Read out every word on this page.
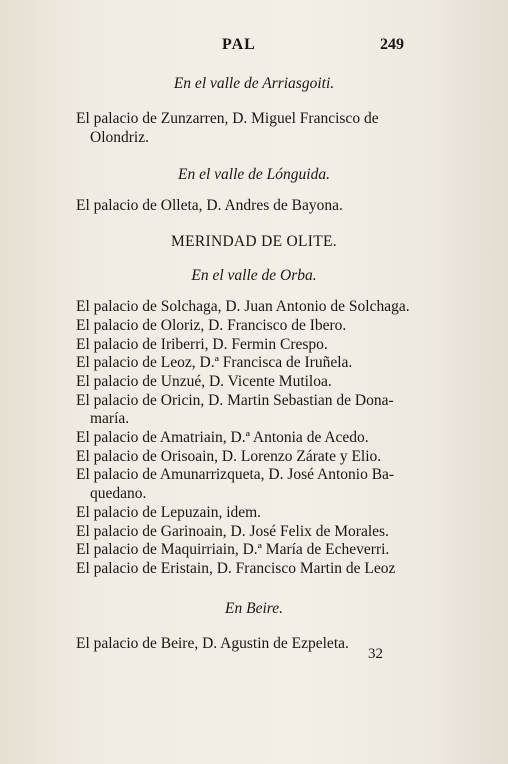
PAL	249

En el valle de Arriasgoiti.

El palacio de Zunzarren, D. Miguel Francisco de
Olondriz.

En el valle de Lónguida.

El palacio de Olleta, D. Andres de Bayona.

MERINDAD DE OLITE.

En el valle de Orba.

El palacio de Solchaga, D. Juan Antonio de Solchaga.

El palacio de Oloriz, D. Francisco de Ibero.

El palacio de Iriberri, D. Fermin Crespo.

El palacio de Leoz, D.ª Francisca de Iruñela.

El palacio de Unzué, D. Vicente Mutiloa.

El palacio de Oricin, D. Martin Sebastian de Dona-
maría.

El palacio de Amatriain, D.ª Antonia de Acedo.

El palacio de Orisoain, D. Lorenzo Zárate y Elio.

El palacio de Amunarrizqueta, D. José Antonio Ba-
quedano.

El palacio de Lepuzain, idem.

El palacio de Garinoain, D. José Felix de Morales.

El palacio de Maquirriain, D.ª María de Echeverri.

El palacio de Eristain, D. Francisco Martin de Leoz

En Beire.

El palacio de Beire, D. Agustin de Ezpeleta.

32
